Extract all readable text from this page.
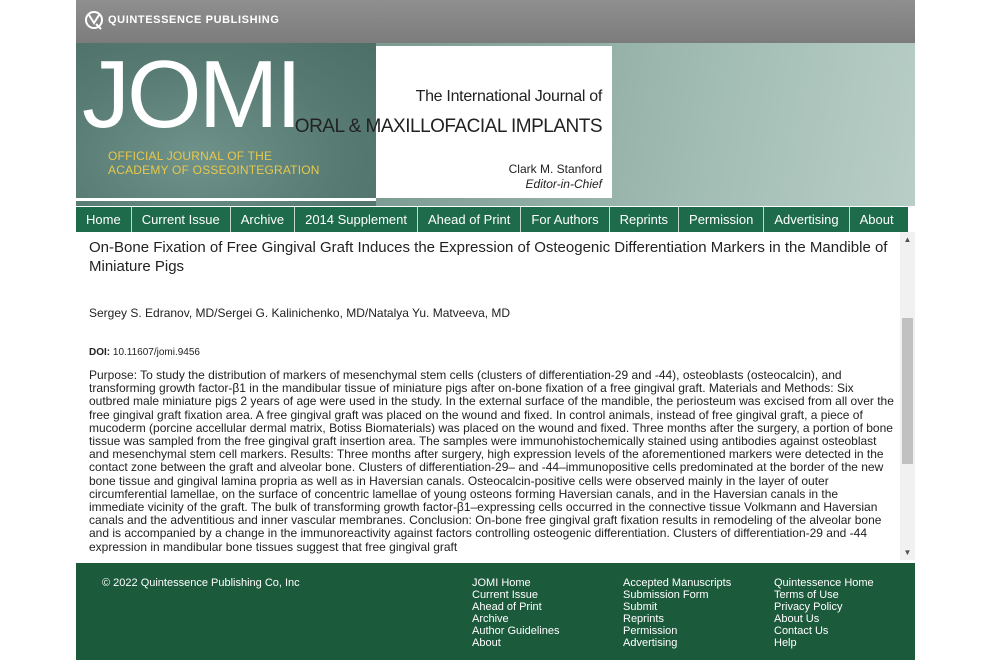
QUINTESSENCE PUBLISHING
JOMI
OFFICIAL JOURNAL OF THE
ACADEMY OF OSSEOINTEGRATION
The International Journal of
ORAL & MAXILLOFACIAL IMPLANTS
Clark M. Stanford
Editor-in-Chief
Home	Current Issue	Archive	2014 Supplement	Ahead of Print	For Authors	Reprints	Permission	Advertising	About
On-Bone Fixation of Free Gingival Graft Induces the Expression of Osteogenic Differentiation Markers in the Mandible of Miniature Pigs
Sergey S. Edranov, MD/Sergei G. Kalinichenko, MD/Natalya Yu. Matveeva, MD
DOI: 10.11607/jomi.9456

Purpose: To study the distribution of markers of mesenchymal stem cells (clusters of differentiation-29 and -44), osteoblasts (osteocalcin), and transforming growth factor-β1 in the mandibular tissue of miniature pigs after on-bone fixation of a free gingival graft. Materials and Methods: Six outbred male miniature pigs 2 years of age were used in the study. In the external surface of the mandible, the periosteum was excised from all over the free gingival graft fixation area. A free gingival graft was placed on the wound and fixed. In control animals, instead of free gingival graft, a piece of mucoderm (porcine accellular dermal matrix, Botiss Biomaterials) was placed on the wound and fixed. Three months after the surgery, a portion of bone tissue was sampled from the free gingival graft insertion area. The samples were immunohistochemically stained using antibodies against osteoblast and mesenchymal stem cell markers. Results: Three months after surgery, high expression levels of the aforementioned markers were detected in the contact zone between the graft and alveolar bone. Clusters of differentiation-29– and -44–immunopositive cells predominated at the border of the new bone tissue and gingival lamina propria as well as in Haversian canals. Osteocalcin-positive cells were observed mainly in the layer of outer circumferential lamellae, on the surface of concentric lamellae of young osteons forming Haversian canals, and in the Haversian canals in the immediate vicinity of the graft. The bulk of transforming growth factor-β1–expressing cells occurred in the connective tissue Volkmann and Haversian canals and the adventitious and inner vascular membranes. Conclusion: On-bone free gingival graft fixation results in remodeling of the alveolar bone and is accompanied by a change in the immunoreactivity against factors controlling osteogenic differentiation. Clusters of differentiation-29 and -44 expression in mandibular bone tissues suggest that free gingival graft

▲
▼
© 2022 Quintessence Publishing Co, Inc	JOMI Home
Current Issue
Ahead of Print
Archive
Author Guidelines
About
Accepted Manuscripts
Submission Form
Submit
Reprints
Permission
Advertising
Quintessence Home
Terms of Use
Privacy Policy
About Us
Contact Us
Help
